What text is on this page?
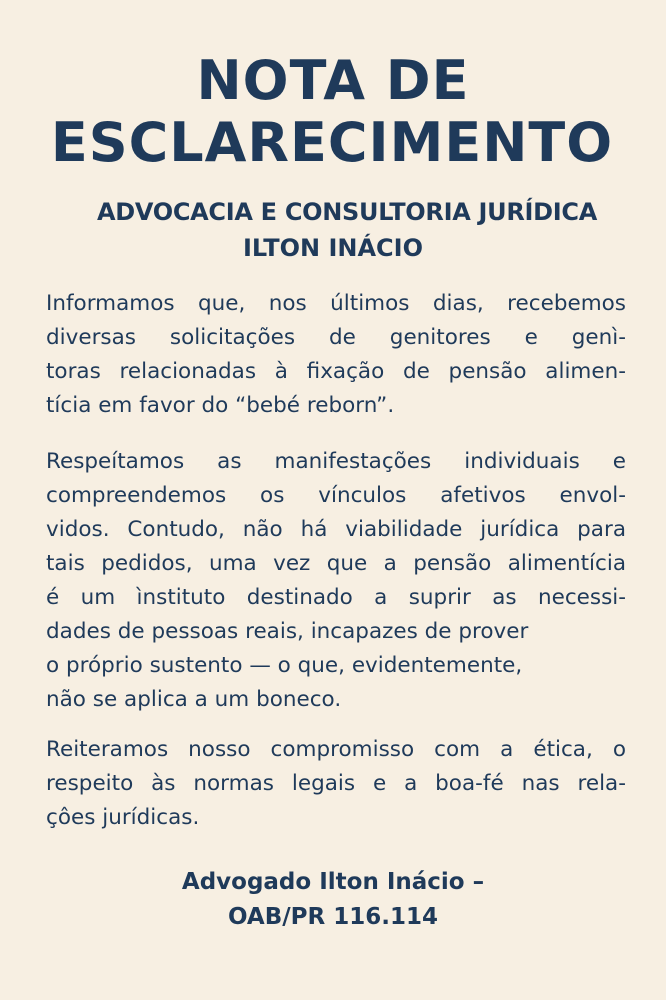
NOTA DE
ESCLARECIMENTO
ADVOCACIA E CONSULTORIA JURÍDICA
ILTON INÁCIO
Informamos que, nos últimos dias, recebemos
diversas solicitações de genitores e genì-
toras relacionadas à fixação de pensão alimen-
tícia em favor do “bebé reborn”.
Respeítamos as manifestações individuais e
compreendemos os vínculos afetivos envol-
vidos. Contudo, não há viabilidade jurídica para
tais pedidos, uma vez que a pensão alimentícia
é um ìnstituto destinado a suprir as necessi-
dades de pessoas reais, incapazes de prover
o próprio sustento — o que, evidentemente,
não se aplica a um boneco.
Reiteramos nosso compromisso com a ética, o
respeito às normas legais e a boa-fé nas rela-
çôes jurídicas.
Advogado Ilton Inácio –
OAB/PR 116.114
